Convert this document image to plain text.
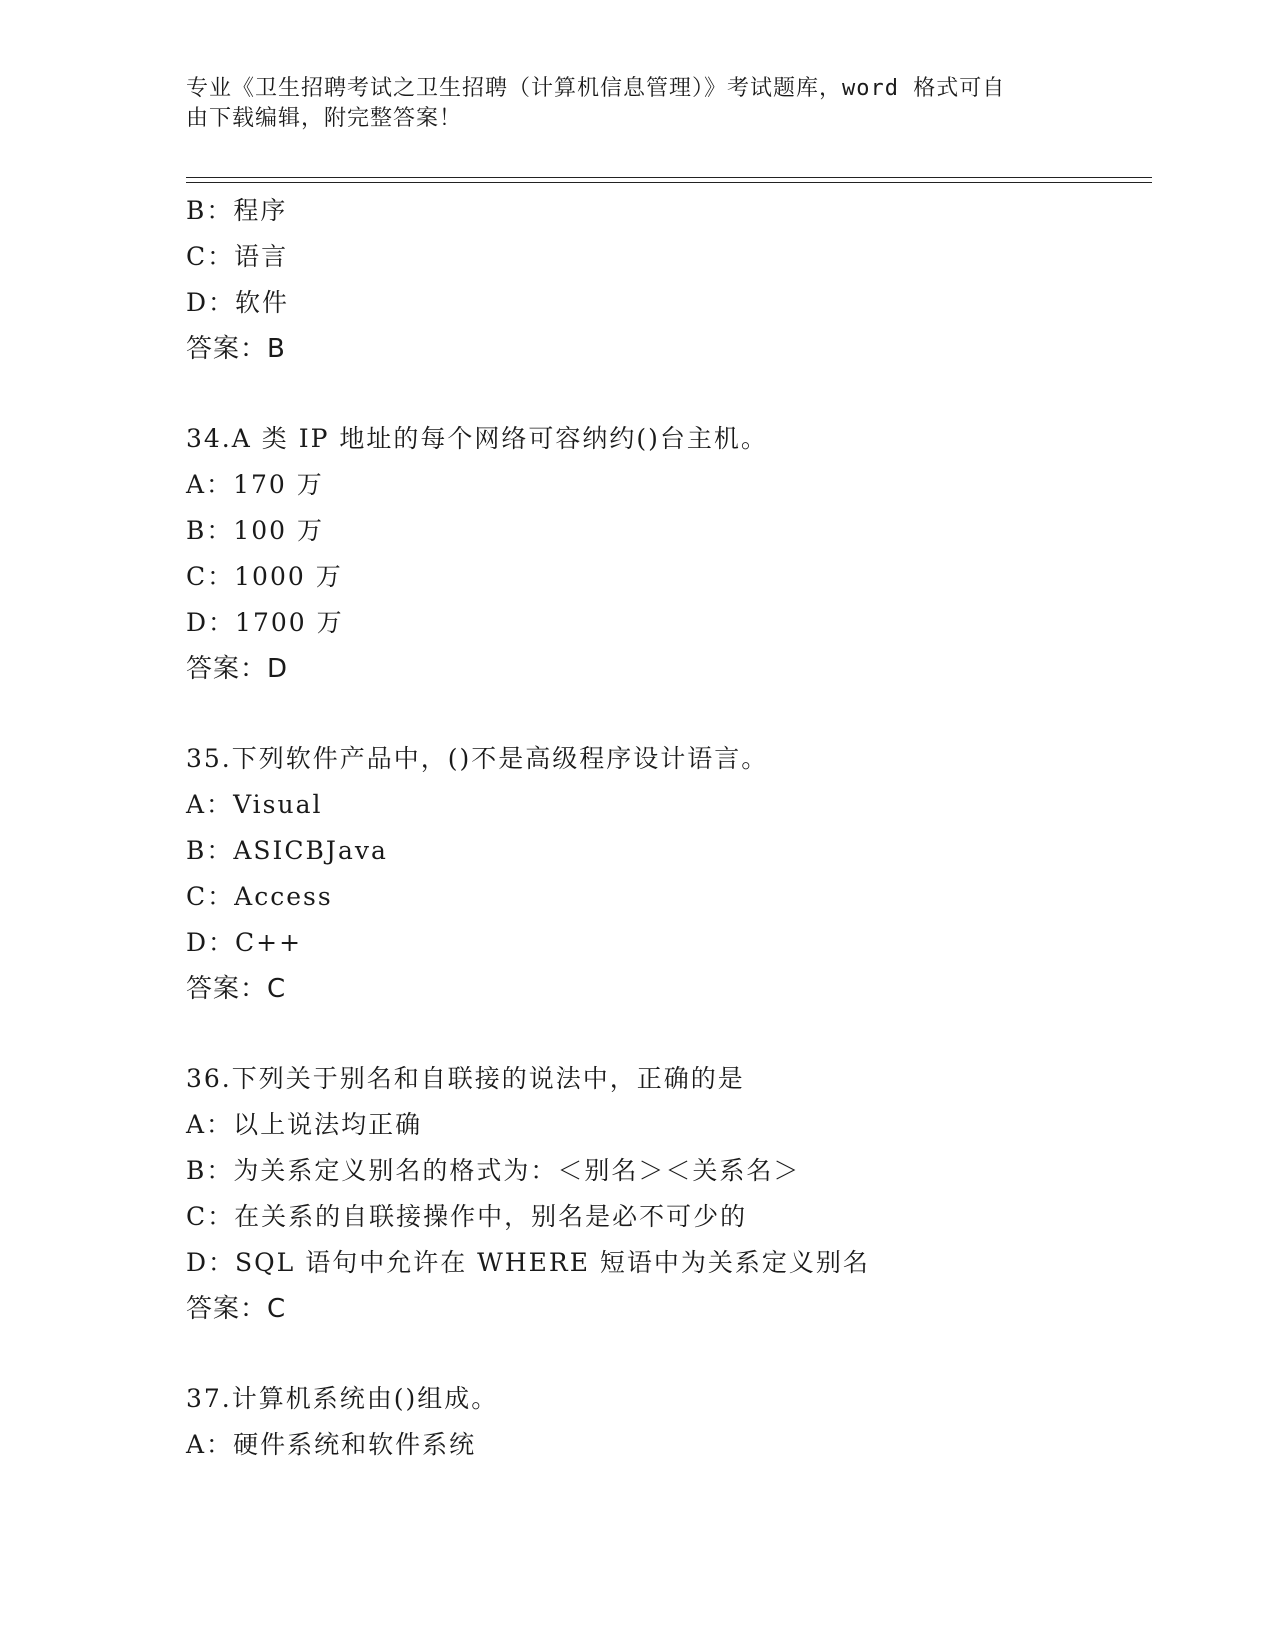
专业《卫生招聘考试之卫生招聘（计算机信息管理）》考试题库，word 格式可自
由下载编辑，附完整答案！
B：程序
C：语言
D：软件
答案：B
34.A 类 IP 地址的每个网络可容纳约()台主机。
A：170 万
B：100 万
C：1000 万
D：1700 万
答案：D
35.下列软件产品中，()不是高级程序设计语言。
A：Visual
B：ASICBJava
C：Access
D：C++
答案：C
36.下列关于别名和自联接的说法中，正确的是
A：以上说法均正确
B：为关系定义别名的格式为：＜别名＞＜关系名＞
C：在关系的自联接操作中，别名是必不可少的
D：SQL 语句中允许在 WHERE 短语中为关系定义别名
答案：C
37.计算机系统由()组成。
A：硬件系统和软件系统
